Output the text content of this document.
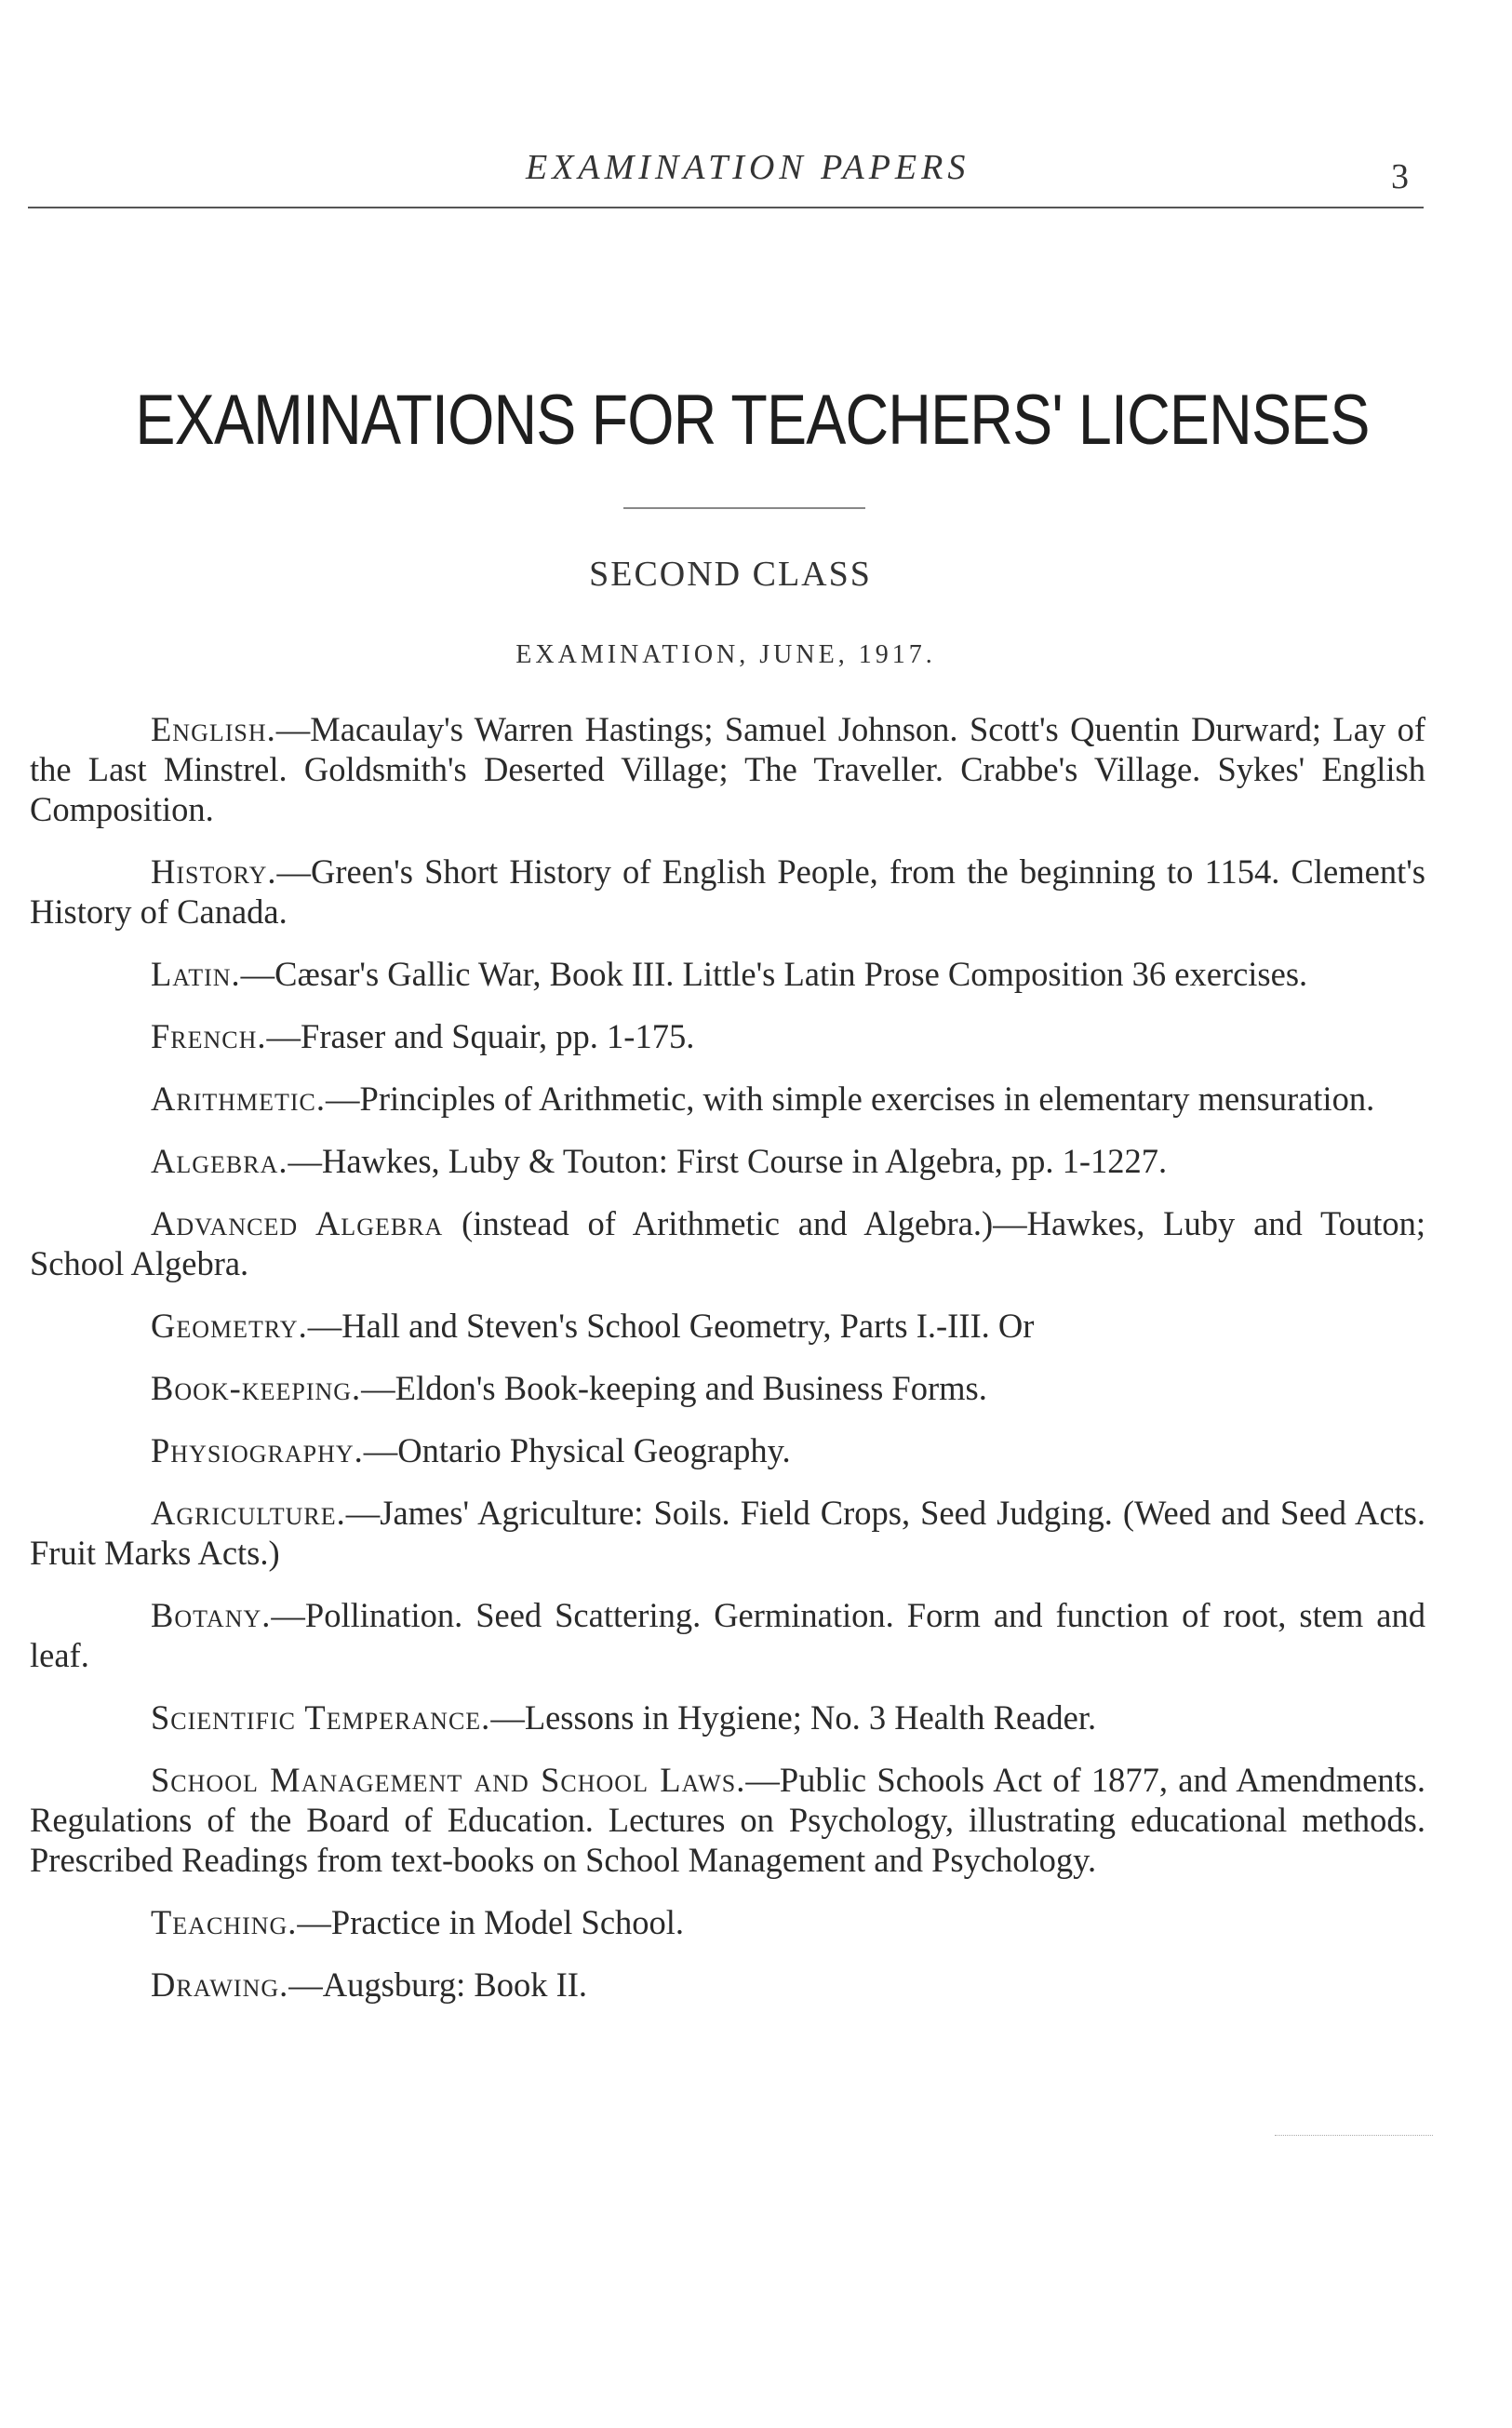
EXAMINATION PAPERS	3
EXAMINATIONS FOR TEACHERS' LICENSES
SECOND CLASS
EXAMINATION, JUNE, 1917.

English.—Macaulay's Warren Hastings; Samuel Johnson. Scott's Quentin Durward; Lay of the Last Minstrel. Goldsmith's Deserted Village; The Traveller. Crabbe's Village. Sykes' English Composition.

History.—Green's Short History of English People, from the beginning to 1154. Clement's History of Canada.

Latin.—Cæsar's Gallic War, Book III. Little's Latin Prose Composition 36 exercises.

French.—Fraser and Squair, pp. 1-175.

Arithmetic.—Principles of Arithmetic, with simple exercises in elementary mensuration.

Algebra.—Hawkes, Luby & Touton: First Course in Algebra, pp. 1-1227.

Advanced Algebra (instead of Arithmetic and Algebra.)—Hawkes, Luby and Touton; School Algebra.

Geometry.—Hall and Steven's School Geometry, Parts I.-III. Or

Book-keeping.—Eldon's Book-keeping and Business Forms.

Physiography.—Ontario Physical Geography.

Agriculture.—James' Agriculture: Soils. Field Crops, Seed Judging. (Weed and Seed Acts. Fruit Marks Acts.)

Botany.—Pollination. Seed Scattering. Germination. Form and function of root, stem and leaf.

Scientific Temperance.—Lessons in Hygiene; No. 3 Health Reader.

School Management and School Laws.—Public Schools Act of 1877, and Amendments. Regulations of the Board of Education. Lectures on Psychology, illustrating educational methods. Prescribed Readings from text-books on School Management and Psychology.

Teaching.—Practice in Model School.

Drawing.—Augsburg: Book II.
